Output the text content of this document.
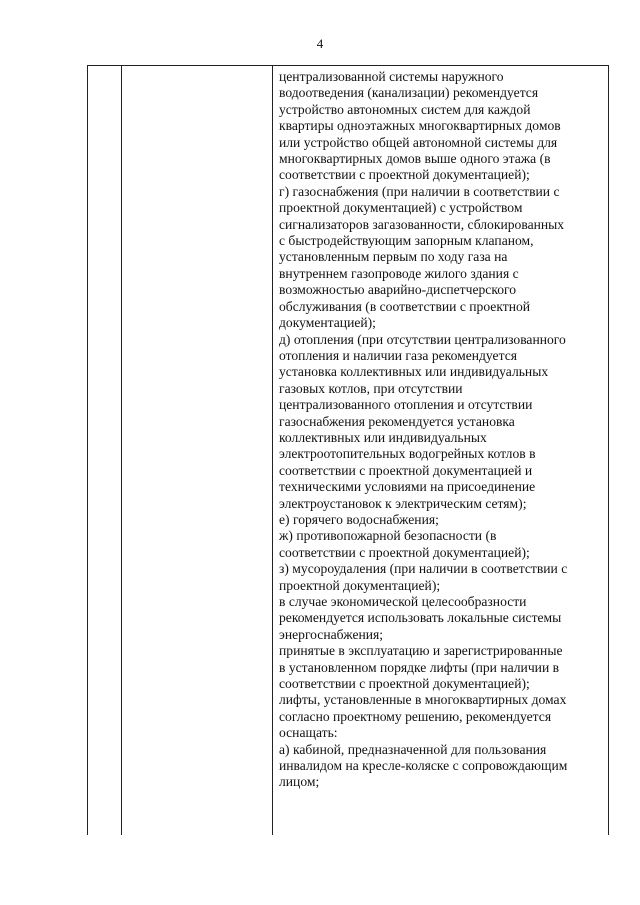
4
централизованной системы наружного
водоотведения (канализации) рекомендуется
устройство автономных систем для каждой
квартиры одноэтажных многоквартирных домов
или устройство общей автономной системы для
многоквартирных домов выше одного этажа (в
соответствии с проектной документацией);
г) газоснабжения (при наличии в соответствии с
проектной документацией) с устройством
сигнализаторов загазованности, сблокированных
с быстродействующим запорным клапаном,
установленным первым по ходу газа на
внутреннем газопроводе жилого здания с
возможностью аварийно-диспетчерского
обслуживания (в соответствии с проектной
документацией);
д) отопления (при отсутствии централизованного
отопления и наличии газа рекомендуется
установка коллективных или индивидуальных
газовых котлов, при отсутствии
централизованного отопления и отсутствии
газоснабжения рекомендуется установка
коллективных или индивидуальных
электроотопительных водогрейных котлов в
соответствии с проектной документацией и
техническими условиями на присоединение
электроустановок к электрическим сетям);
е) горячего водоснабжения;
ж) противопожарной безопасности (в
соответствии с проектной документацией);
з) мусороудаления (при наличии в соответствии с
проектной документацией);
в случае экономической целесообразности
рекомендуется использовать локальные системы
энергоснабжения;
принятые в эксплуатацию и зарегистрированные
в установленном порядке лифты (при наличии в
соответствии с проектной документацией);
лифты, установленные в многоквартирных домах
согласно проектному решению, рекомендуется
оснащать:
а) кабиной, предназначенной для пользования
инвалидом на кресле-коляске с сопровождающим
лицом;
